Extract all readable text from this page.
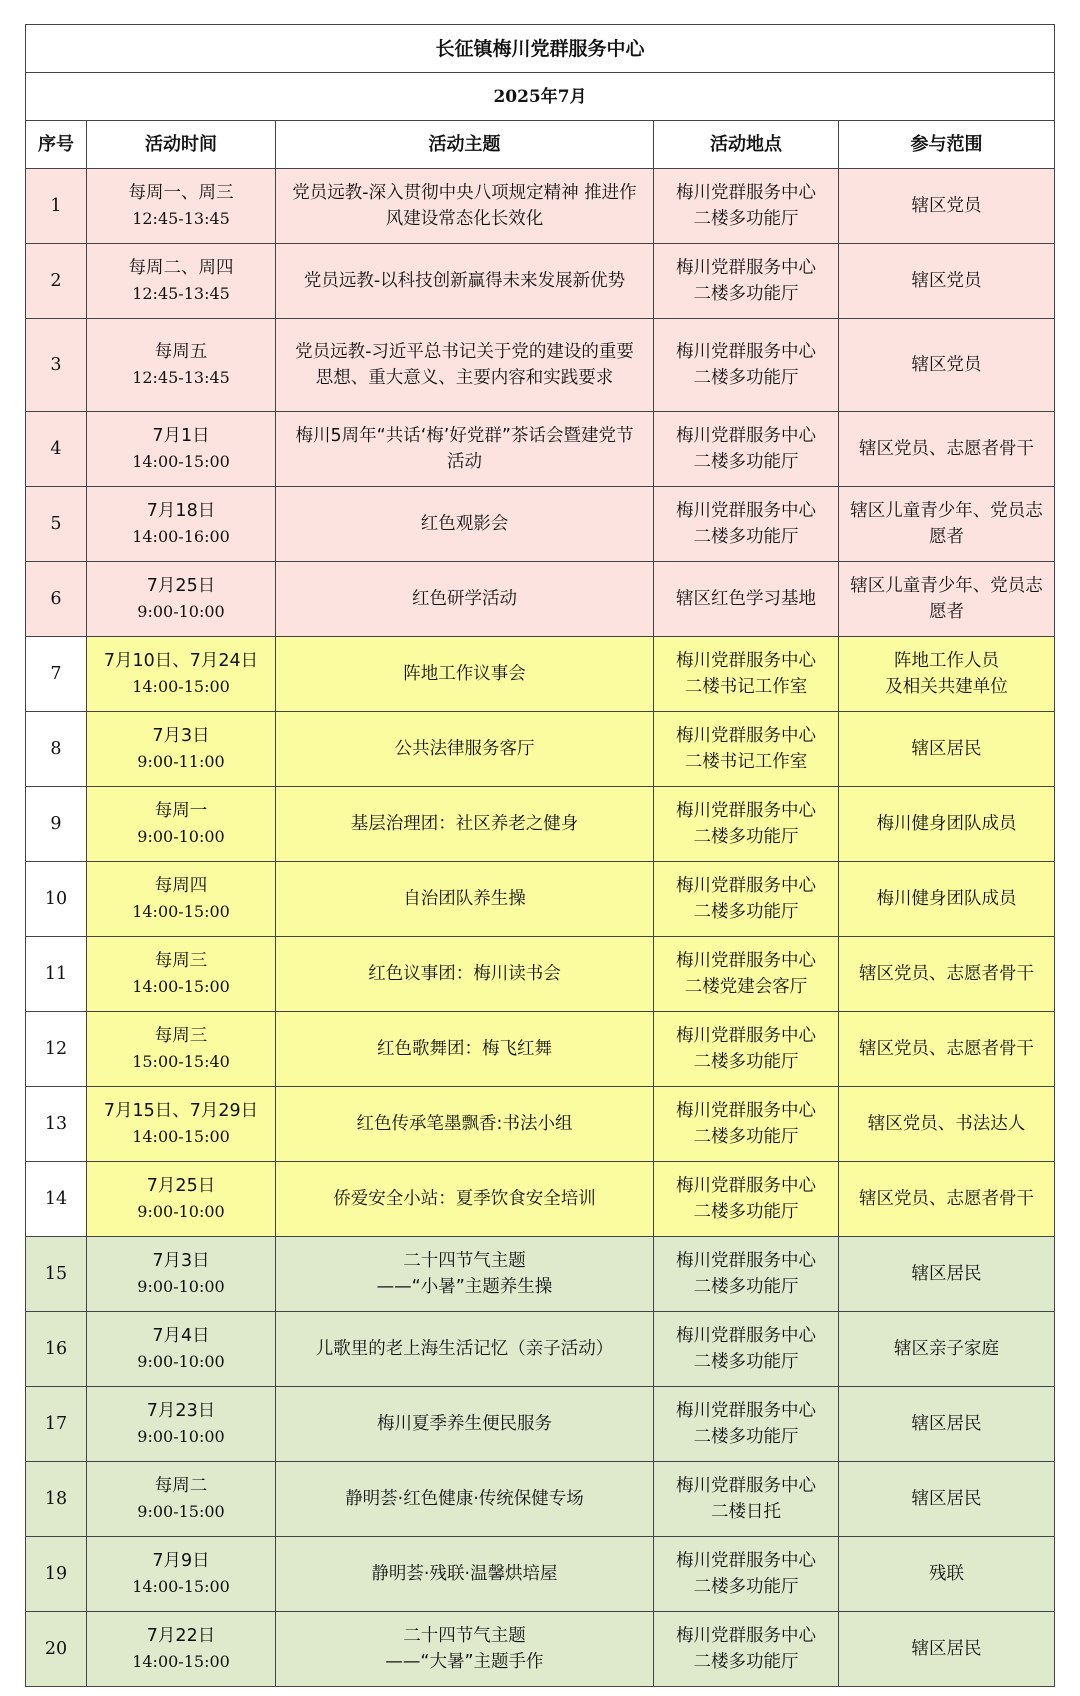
长征镇梅川党群服务中心				
2025年7月				
序号	活动时间	活动主题	活动地点	参与范围
1	每周一、周三
12:45-13:45	党员远教-深入贯彻中央八项规定精神 推进作
风建设常态化长效化	梅川党群服务中心
二楼多功能厅	辖区党员

2	每周二、周四
12:45-13:45	党员远教-以科技创新赢得未来发展新优势	梅川党群服务中心
二楼多功能厅	辖区党员

3	每周五
12:45-13:45	党员远教-习近平总书记关于党的建设的重要
思想、重大意义、主要内容和实践要求	梅川党群服务中心
二楼多功能厅	辖区党员

4	7月1日
14:00-15:00	梅川5周年“共话‘梅’好党群”茶话会暨建党节
活动	梅川党群服务中心
二楼多功能厅	辖区党员、志愿者骨干

5	7月18日
14:00-16:00	红色观影会	梅川党群服务中心
二楼多功能厅	辖区儿童青少年、党员志
愿者

6	7月25日
9:00-10:00	红色研学活动	辖区红色学习基地	辖区儿童青少年、党员志
愿者

7	7月10日、7月24日
14:00-15:00	阵地工作议事会	梅川党群服务中心
二楼书记工作室	阵地工作人员
及相关共建单位

8	7月3日
9:00-11:00	公共法律服务客厅	梅川党群服务中心
二楼书记工作室	辖区居民

9	每周一
9:00-10:00	基层治理团：社区养老之健身	梅川党群服务中心
二楼多功能厅	梅川健身团队成员

10	每周四
14:00-15:00	自治团队养生操	梅川党群服务中心
二楼多功能厅	梅川健身团队成员

11	每周三
14:00-15:00	红色议事团：梅川读书会	梅川党群服务中心
二楼党建会客厅	辖区党员、志愿者骨干

12	每周三
15:00-15:40	红色歌舞团：梅飞红舞	梅川党群服务中心
二楼多功能厅	辖区党员、志愿者骨干

13	7月15日、7月29日
14:00-15:00	红色传承笔墨飘香:书法小组	梅川党群服务中心
二楼多功能厅	辖区党员、书法达人

14	7月25日
9:00-10:00	侨爱安全小站：夏季饮食安全培训	梅川党群服务中心
二楼多功能厅	辖区党员、志愿者骨干

15	7月3日
9:00-10:00	二十四节气主题
——“小暑”主题养生操	梅川党群服务中心
二楼多功能厅	辖区居民

16	7月4日
9:00-10:00	儿歌里的老上海生活记忆（亲子活动）	梅川党群服务中心
二楼多功能厅	辖区亲子家庭

17	7月23日
9:00-10:00	梅川夏季养生便民服务	梅川党群服务中心
二楼多功能厅	辖区居民

18	每周二
9:00-15:00	静明荟·红色健康·传统保健专场	梅川党群服务中心
二楼日托	辖区居民

19	7月9日
14:00-15:00	静明荟·残联·温馨烘培屋	梅川党群服务中心
二楼多功能厅	残联

20	7月22日
14:00-15:00	二十四节气主题
——“大暑”主题手作	梅川党群服务中心
二楼多功能厅	辖区居民
